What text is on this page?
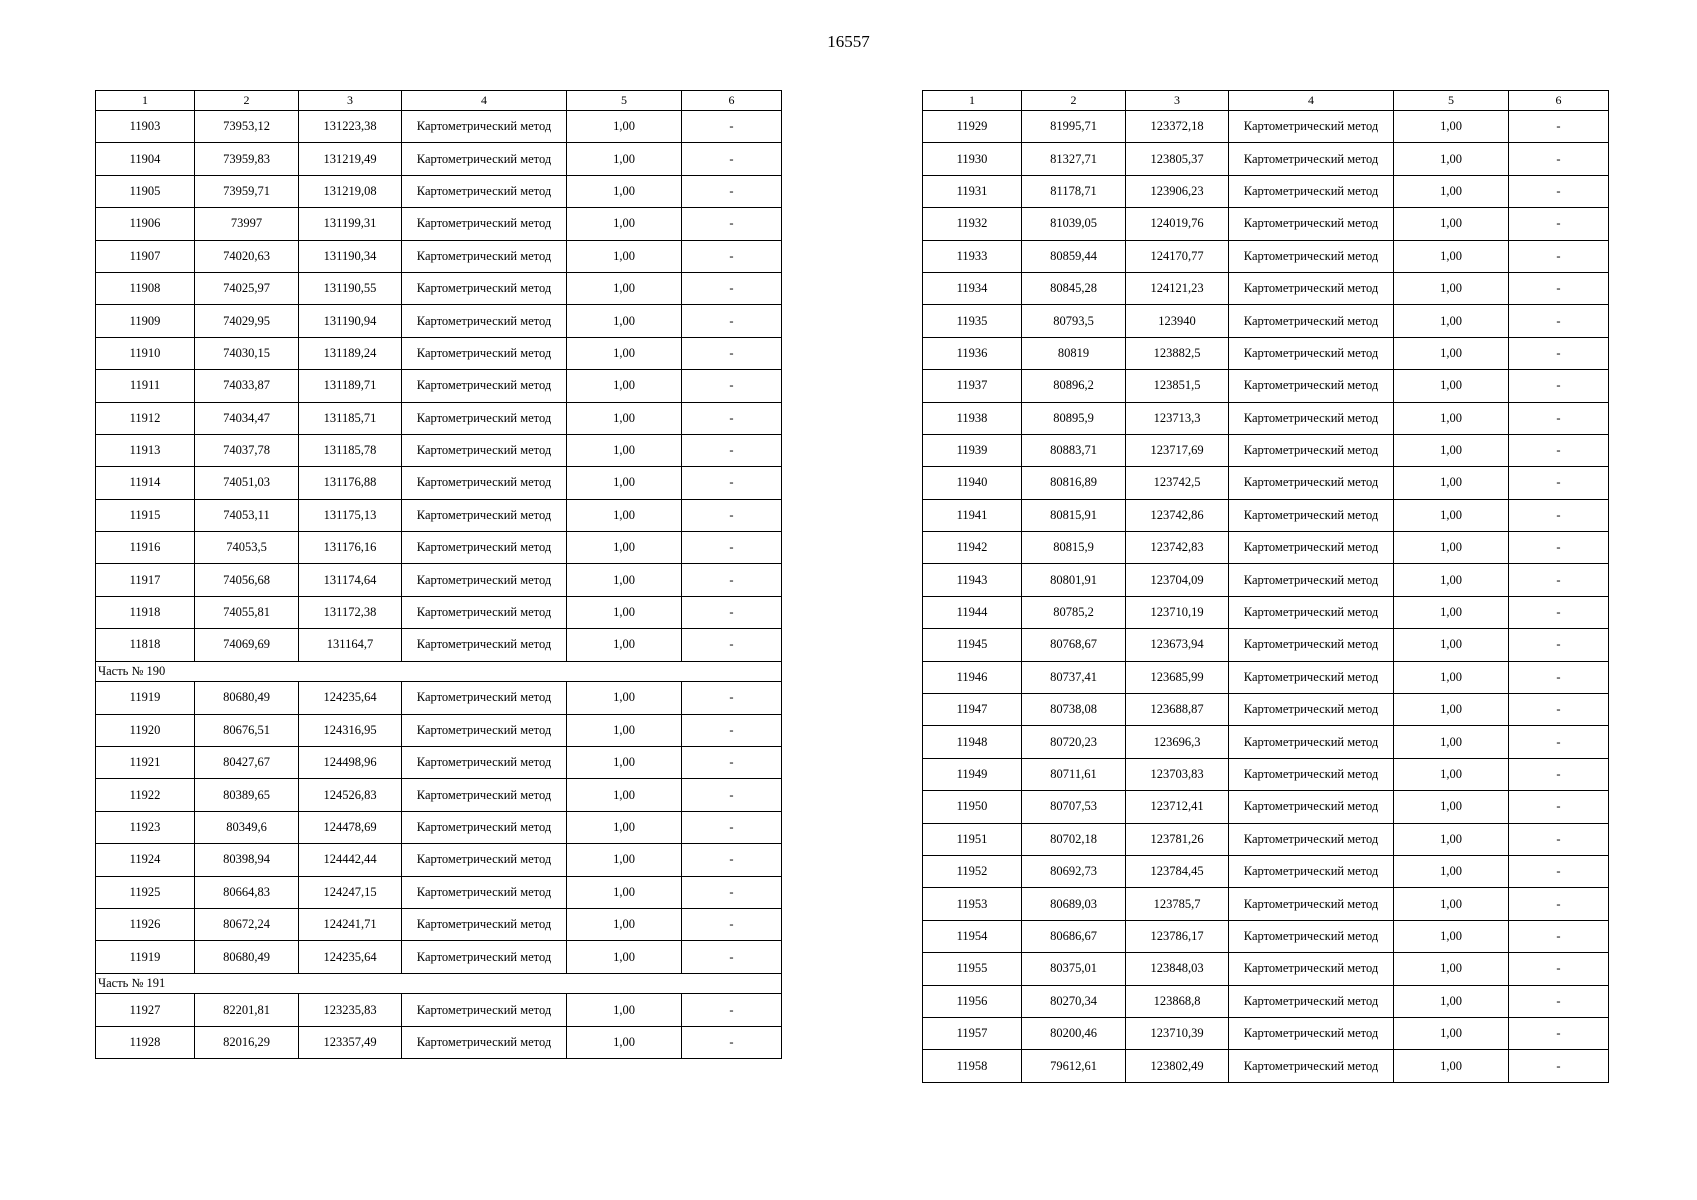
16557
1	2	3	4	5	6
11903	73953,12	131223,38	Картометрический метод	1,00	-
11904	73959,83	131219,49	Картометрический метод	1,00	-
11905	73959,71	131219,08	Картометрический метод	1,00	-
11906	73997	131199,31	Картометрический метод	1,00	-
11907	74020,63	131190,34	Картометрический метод	1,00	-
11908	74025,97	131190,55	Картометрический метод	1,00	-
11909	74029,95	131190,94	Картометрический метод	1,00	-
11910	74030,15	131189,24	Картометрический метод	1,00	-
11911	74033,87	131189,71	Картометрический метод	1,00	-
11912	74034,47	131185,71	Картометрический метод	1,00	-
11913	74037,78	131185,78	Картометрический метод	1,00	-
11914	74051,03	131176,88	Картометрический метод	1,00	-
11915	74053,11	131175,13	Картометрический метод	1,00	-
11916	74053,5	131176,16	Картометрический метод	1,00	-
11917	74056,68	131174,64	Картометрический метод	1,00	-
11918	74055,81	131172,38	Картометрический метод	1,00	-
11818	74069,69	131164,7	Картометрический метод	1,00	-
Часть № 190					
11919	80680,49	124235,64	Картометрический метод	1,00	-
11920	80676,51	124316,95	Картометрический метод	1,00	-
11921	80427,67	124498,96	Картометрический метод	1,00	-
11922	80389,65	124526,83	Картометрический метод	1,00	-
11923	80349,6	124478,69	Картометрический метод	1,00	-
11924	80398,94	124442,44	Картометрический метод	1,00	-
11925	80664,83	124247,15	Картометрический метод	1,00	-
11926	80672,24	124241,71	Картометрический метод	1,00	-
11919	80680,49	124235,64	Картометрический метод	1,00	-
Часть № 191					
11927	82201,81	123235,83	Картометрический метод	1,00	-
11928	82016,29	123357,49	Картометрический метод	1,00	-
1	2	3	4	5	6
11929	81995,71	123372,18	Картометрический метод	1,00	-
11930	81327,71	123805,37	Картометрический метод	1,00	-
11931	81178,71	123906,23	Картометрический метод	1,00	-
11932	81039,05	124019,76	Картометрический метод	1,00	-
11933	80859,44	124170,77	Картометрический метод	1,00	-
11934	80845,28	124121,23	Картометрический метод	1,00	-
11935	80793,5	123940	Картометрический метод	1,00	-
11936	80819	123882,5	Картометрический метод	1,00	-
11937	80896,2	123851,5	Картометрический метод	1,00	-
11938	80895,9	123713,3	Картометрический метод	1,00	-
11939	80883,71	123717,69	Картометрический метод	1,00	-
11940	80816,89	123742,5	Картометрический метод	1,00	-
11941	80815,91	123742,86	Картометрический метод	1,00	-
11942	80815,9	123742,83	Картометрический метод	1,00	-
11943	80801,91	123704,09	Картометрический метод	1,00	-
11944	80785,2	123710,19	Картометрический метод	1,00	-
11945	80768,67	123673,94	Картометрический метод	1,00	-
11946	80737,41	123685,99	Картометрический метод	1,00	-
11947	80738,08	123688,87	Картометрический метод	1,00	-
11948	80720,23	123696,3	Картометрический метод	1,00	-
11949	80711,61	123703,83	Картометрический метод	1,00	-
11950	80707,53	123712,41	Картометрический метод	1,00	-
11951	80702,18	123781,26	Картометрический метод	1,00	-
11952	80692,73	123784,45	Картометрический метод	1,00	-
11953	80689,03	123785,7	Картометрический метод	1,00	-
11954	80686,67	123786,17	Картометрический метод	1,00	-
11955	80375,01	123848,03	Картометрический метод	1,00	-
11956	80270,34	123868,8	Картометрический метод	1,00	-
11957	80200,46	123710,39	Картометрический метод	1,00	-
11958	79612,61	123802,49	Картометрический метод	1,00	-
